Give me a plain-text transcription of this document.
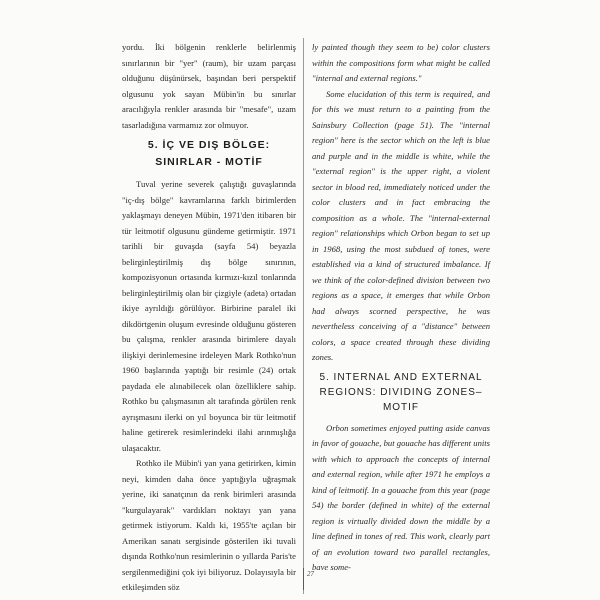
yordu. İki bölgenin renklerle belirlenmiş sınırlarının bir "yer" (raum), bir uzam parçası olduğunu düşünürsek, başından beri perspektif olgusunu yok sayan Mübin'in bu sınırlar aracılığıyla renkler arasında bir "mesafe", uzam tasarladığına varmamız zor olmuyor.

5. İÇ VE DIŞ BÖLGE: SINIRLAR - MOTİF

Tuval yerine severek çalıştığı guvaşlarında "iç-dış bölge" kavramlarına farklı birimlerden yaklaşmayı deneyen Mübin, 1971'den itibaren bir tür leitmotif olgusunu gündeme getirmiştir. 1971 tarihli bir guvaşda (sayfa 54) beyazla belirginleştirilmiş dış bölge sınırının, kompozisyonun ortasında kırmızı-kızıl tonlarında belirginleştirilmiş olan bir çizgiyle (adeta) ortadan ikiye ayrıldığı görülüyor. Birbirine paralel iki dikdörtgenin oluşum evresinde olduğunu gösteren bu çalışma, renkler arasında birimlere dayalı ilişkiyi derinlemesine irdeleyen Mark Rothko'nun 1960 başlarında yaptığı bir resimle (24) ortak paydada ele alınabilecek olan özelliklere sahip. Rothko bu çalışmasının alt tarafında görülen renk ayrışmasını ilerki on yıl boyunca bir tür leitmotif haline getirerek resimlerindeki ilahi arınmışlığa ulaşacaktır.

Rothko ile Mübin'i yan yana getirirken, kimin neyi, kimden daha önce yaptığıyla uğraşmak yerine, iki sanatçının da renk birimleri arasında "kurgulayarak" vardıkları noktayı yan yana getirmek istiyorum. Kaldı ki, 1955'te açılan bir Amerikan sanatı sergisinde gösterilen iki tuvali dışında Rothko'nun resimlerinin o yıllarda Paris'te sergilenmediğini çok iyi biliyoruz. Dolayısıyla bir etkileşimden söz

ly painted though they seem to be) color clusters within the compositions form what might be called "internal and external regions."

Some elucidation of this term is required, and for this we must return to a painting from the Sainsbury Collection (page 51). The "internal region" here is the sector which on the left is blue and purple and in the middle is white, while the "external region" is the upper right, a violent sector in blood red, immediately noticed under the color clusters and in fact embracing the composition as a whole. The "internal-external region" relationships which Orbon began to set up in 1968, using the most subdued of tones, were established via a kind of structured imbalance. If we think of the color-defined division between two regions as a space, it emerges that while Orbon had always scorned perspective, he was nevertheless conceiving of a "distance" between colors, a space created through these dividing zones.

5. INTERNAL AND EXTERNAL REGIONS: DIVIDING ZONES–MOTIF

Orbon sometimes enjoyed putting aside canvas in favor of gouache, but gouache has different units with which to approach the concepts of internal and external region, while after 1971 he employs a kind of leitmotif. In a gouache from this year (page 54) the border (defined in white) of the external region is virtually divided down the middle by a line defined in tones of red. This work, clearly part of an evolution toward two parallel rectangles, bave some-

27
